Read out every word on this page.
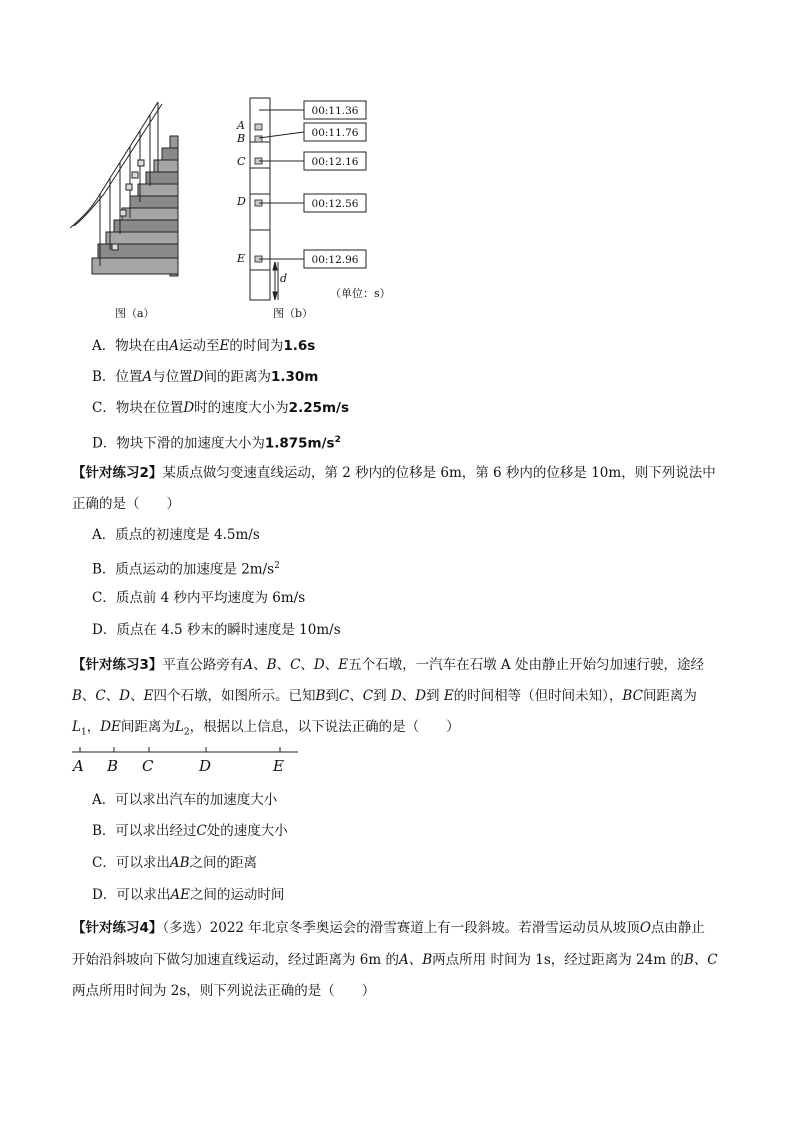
A
B
C
D
E
00:11.36
00:11.76
00:12.16
00:12.56
00:12.96
d
（单位：s）
图（a）	图（b）
A．物块在由A运动至E的时间为1.6s
B．位置A与位置D间的距离为1.30m
C．物块在位置D时的速度大小为2.25m/s
D．物块下滑的加速度大小为$1.875m/s^2$
【针对练习2】某质点做匀变速直线运动，第 2 秒内的位移是 6m，第 6 秒内的位移是 10m，则下列说法中
正确的是（　　）
A．质点的初速度是 4.5m/s
B．质点运动的加速度是 $2m/s^2$
C．质点前 4 秒内平均速度为 6m/s
D．质点在 4.5 秒末的瞬时速度是 10m/s
【针对练习3】平直公路旁有A、B、C、D、E五个石墩，一汽车在石墩 A 处由静止开始匀加速行驶，途经
B、C、D、E四个石墩，如图所示。已知B到C、C到 D、D到 E的时间相等（但时间未知），BC间距离为
$L_1$，DE间距离为$L_2$，根据以上信息，以下说法正确的是（　　）
A B C	D	E
A．可以求出汽车的加速度大小
B．可以求出经过C处的速度大小
C．可以求出AB之间的距离
D．可以求出AE之间的运动时间
【针对练习4】（多选）2022 年北京冬季奥运会的滑雪赛道上有一段斜坡。若滑雪运动员从坡顶O点由静止
开始沿斜坡向下做匀加速直线运动，经过距离为 6m 的A、B两点所用 时间为 1s，经过距离为 24m 的B、C
两点所用时间为 2s，则下列说法正确的是（　　）
